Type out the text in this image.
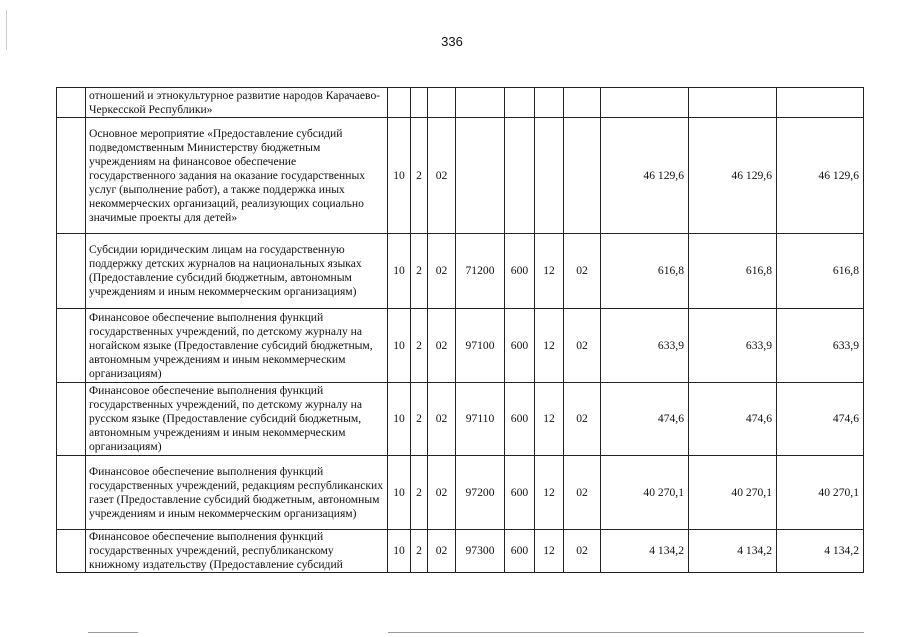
336
	отношений и этнокультурное развитие народов Карачаево-Черкесской Республики»										
	Основное мероприятие «Предоставление субсидий подведомственным Министерству бюджетным учреждениям на финансовое обеспечение государственного задания на оказание государственных услуг (выполнение работ), а также поддержка иных некоммерческих организаций, реализующих социально значимые проекты для детей»	10	2	02					46 129,6	46 129,6	46 129,6
	Субсидии юридическим лицам на государственную поддержку детских журналов на национальных языках (Предоставление субсидий бюджетным, автономным учреждениям и иным некоммерческим организациям)	10	2	02	71200	600	12	02	616,8	616,8	616,8
	Финансовое обеспечение выполнения функций государственных учреждений, по детскому журналу на ногайском языке (Предоставление субсидий бюджетным, автономным учреждениям и иным некоммерческим организациям)	10	2	02	97100	600	12	02	633,9	633,9	633,9
	Финансовое обеспечение выполнения функций государственных учреждений, по детскому журналу на русском языке (Предоставление субсидий бюджетным, автономным учреждениям и иным некоммерческим организациям)	10	2	02	97110	600	12	02	474,6	474,6	474,6
	Финансовое обеспечение выполнения функций государственных учреждений, редакциям республиканских газет (Предоставление субсидий бюджетным, автономным учреждениям и иным некоммерческим организациям)	10	2	02	97200	600	12	02	40 270,1	40 270,1	40 270,1
	Финансовое обеспечение выполнения функций государственных учреждений, республиканскому книжному издательству (Предоставление субсидий	10	2	02	97300	600	12	02	4 134,2	4 134,2	4 134,2
